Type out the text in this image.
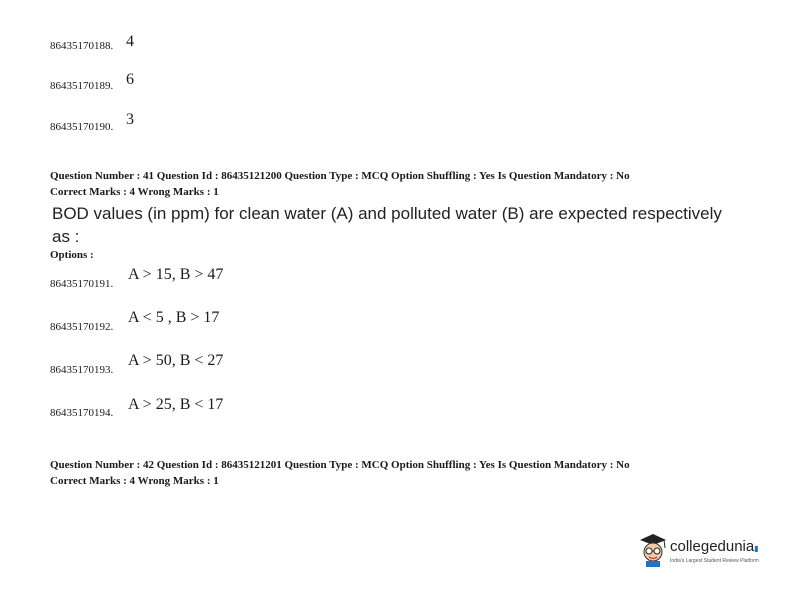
86435170188. 4
86435170189. 6
86435170190. 3
Question Number : 41 Question Id : 86435121200 Question Type : MCQ Option Shuffling : Yes Is Question Mandatory : No
Correct Marks : 4 Wrong Marks : 1
BOD values (in ppm) for clean water (A) and polluted water (B) are expected respectively
as :
Options :
86435170191.
A > 15, B > 47
86435170192.
A < 5 , B > 17
86435170193.
A > 50, B < 27
86435170194. A > 25, B < 17
Question Number : 42 Question Id : 86435121201 Question Type : MCQ Option Shuffling : Yes Is Question Mandatory : No
Correct Marks : 4 Wrong Marks : 1
collegedunia▮
India's Largest Student Review Platform
